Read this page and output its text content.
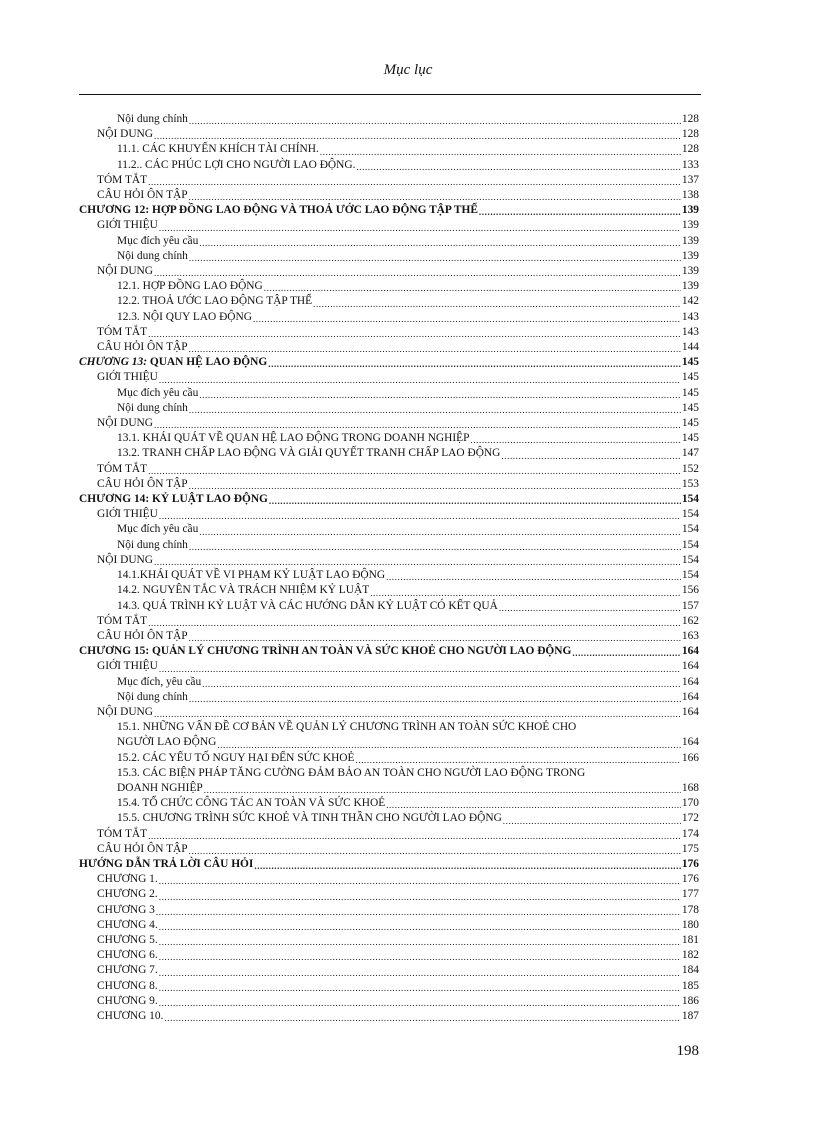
Mục lục
Nội dung chính .....	128
NỘI DUNG .....	128
11.1. CÁC KHUYẾN KHÍCH TÀI CHÍNH. .....	128
11.2.. CÁC PHÚC LỢI CHO NGƯỜI LAO ĐỘNG. .....	133
TÓM TẮT .....	137
CÂU HỎI ÔN TẬP .....	138
CHƯƠNG 12: HỢP ĐỒNG LAO ĐỘNG VÀ THOẢ ƯỚC LAO ĐỘNG TẬP THỂ .....	139
GIỚI THIỆU .....	139
Mục đích yêu cầu .....	139
Nội dung chính .....	139
NỘI DUNG .....	139
12.1. HỢP ĐỒNG LAO ĐỘNG .....	139
12.2. THOẢ ƯỚC LAO ĐỘNG TẬP THỂ .....	142
12.3. NỘI QUY LAO ĐỘNG .....	143
TÓM TẮT .....	143
CÂU HỎI ÔN TẬP .....	144
CHƯƠNG 13: QUAN HỆ LAO ĐỘNG .....	145
GIỚI THIỆU .....	145
Mục đích yêu cầu .....	145
Nội dung chính .....	145
NỘI DUNG .....	145
13.1. KHÁI QUÁT VỀ QUAN HỆ LAO ĐỘNG TRONG DOANH NGHIỆP .....	145
13.2. TRANH CHẤP LAO ĐỘNG VÀ GIẢI QUYẾT TRANH CHẤP LAO ĐỘNG .....	147
TÓM TẮT .....	152
CÂU HỎI ÔN TẬP .....	153
CHƯƠNG 14: KỶ LUẬT LAO ĐỘNG .....	154
GIỚI THIỆU .....	154
Mục đích yêu cầu .....	154
Nội dung chính .....	154
NỘI DUNG .....	154
14.1.KHÁI QUÁT VỀ VI PHẠM KỶ LUẬT LAO ĐỘNG .....	154
14.2. NGUYÊN TẮC VÀ TRÁCH NHIỆM KỶ LUẬT .....	156
14.3. QUÁ TRÌNH KỶ LUẬT VÀ CÁC HƯỚNG DẪN KỶ LUẬT CÓ KẾT QUẢ .....	157
TÓM TẮT .....	162
CÂU HỎI ÔN TẬP .....	163
CHƯƠNG 15: QUẢN LÝ CHƯƠNG TRÌNH AN TOÀN VÀ SỨC KHOẺ CHO NGƯỜI LAO ĐỘNG .....	164
GIỚI THIỆU .....	164
Mục đích, yêu cầu .....	164
Nội dung chính .....	164
NỘI DUNG .....	164
15.1. NHỮNG VẤN ĐỀ CƠ BẢN VỀ QUẢN LÝ CHƯƠNG TRÌNH AN TOÀN SỨC KHOẺ CHO
NGƯỜI LAO ĐỘNG .....	164
15.2. CÁC YẾU TỐ NGUY HẠI ĐẾN SỨC KHOẺ .....	166
15.3. CÁC BIỆN PHÁP TĂNG CƯỜNG ĐẢM BẢO AN TOÀN CHO NGƯỜI LAO ĐỘNG TRONG
DOANH NGHIỆP .....	168
15.4. TỔ CHỨC CÔNG TÁC AN TOÀN VÀ SỨC KHOẺ .....	170
15.5. CHƯƠNG TRÌNH SỨC KHOẺ VÀ TINH THẦN CHO NGƯỜI LAO ĐỘNG .....	172
TÓM TẮT .....	174
CÂU HỎI ÔN TẬP .....	175
HƯỚNG DẪN TRẢ LỜI CÂU HỎI .....	176
CHƯƠNG 1. .....	176
CHƯƠNG 2. .....	177
CHƯƠNG 3 .....	178
CHƯƠNG 4. .....	180
CHƯƠNG 5. .....	181
CHƯƠNG 6. .....	182
CHƯƠNG 7. .....	184
CHƯƠNG 8. .....	185
CHƯƠNG 9. .....	186
CHƯƠNG 10. .....	187
198
